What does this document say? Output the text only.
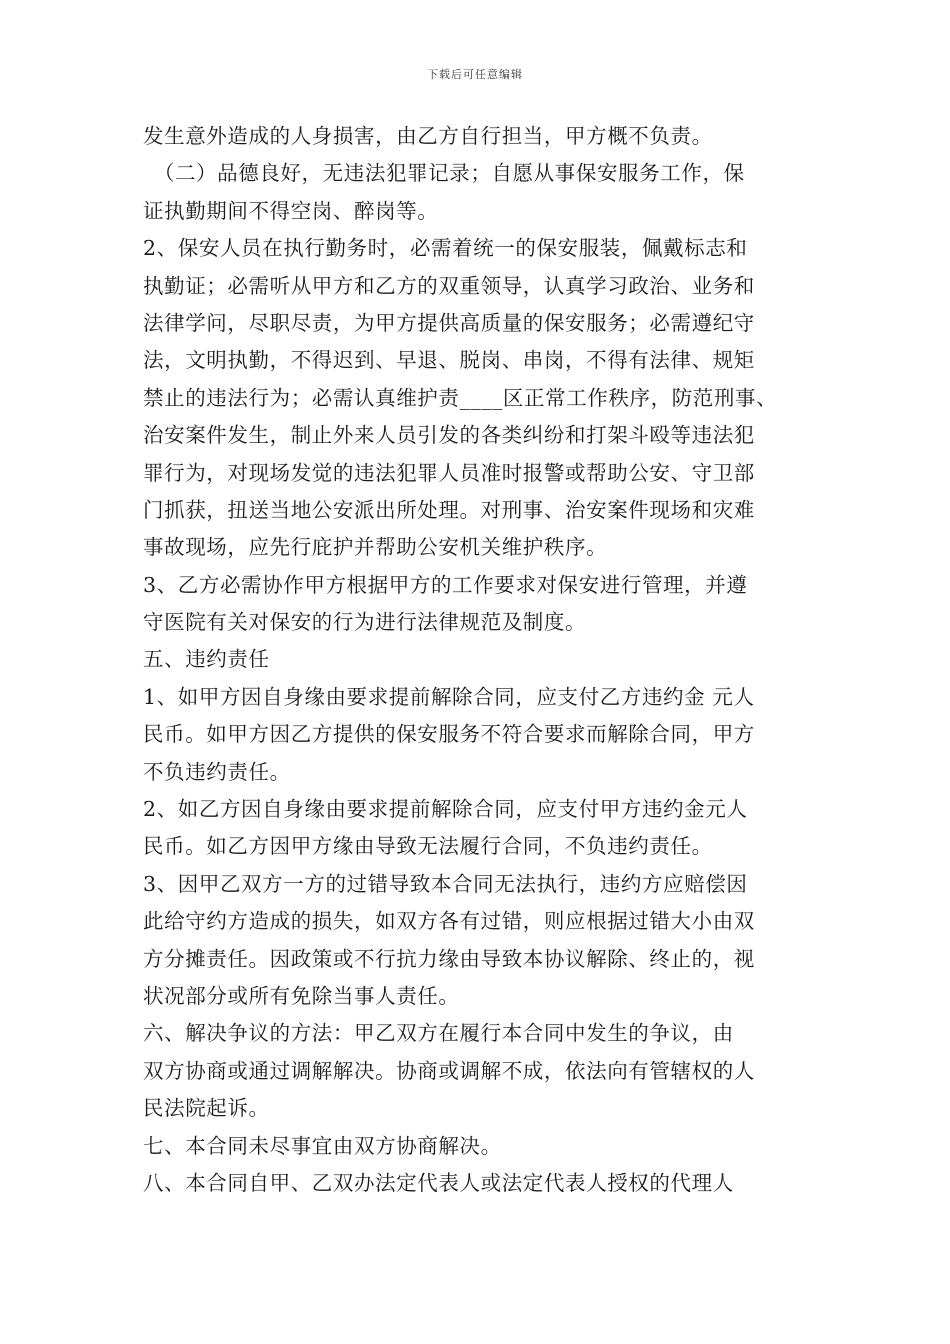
下载后可任意编辑
发生意外造成的人身损害，由乙方自行担当，甲方概不负责。
　（二）品德良好，无违法犯罪记录；自愿从事保安服务工作，保
证执勤期间不得空岗、醉岗等。
2、保安人员在执行勤务时，必需着统一的保安服装，佩戴标志和
执勤证；必需听从甲方和乙方的双重领导，认真学习政治、业务和
法律学问，尽职尽责，为甲方提供高质量的保安服务；必需遵纪守
法，文明执勤，不得迟到、早退、脱岗、串岗，不得有法律、规矩
禁止的违法行为；必需认真维护责____区正常工作秩序，防范刑事、
治安案件发生，制止外来人员引发的各类纠纷和打架斗殴等违法犯
罪行为，对现场发觉的违法犯罪人员准时报警或帮助公安、守卫部
门抓获，扭送当地公安派出所处理。对刑事、治安案件现场和灾难
事故现场，应先行庇护并帮助公安机关维护秩序。
3、乙方必需协作甲方根据甲方的工作要求对保安进行管理，并遵
守医院有关对保安的行为进行法律规范及制度。
五、违约责任
1、如甲方因自身缘由要求提前解除合同，应支付乙方违约金 元人
民币。如甲方因乙方提供的保安服务不符合要求而解除合同，甲方
不负违约责任。
2、如乙方因自身缘由要求提前解除合同，应支付甲方违约金元人
民币。如乙方因甲方缘由导致无法履行合同，不负违约责任。
3、因甲乙双方一方的过错导致本合同无法执行，违约方应赔偿因
此给守约方造成的损失，如双方各有过错，则应根据过错大小由双
方分摊责任。因政策或不行抗力缘由导致本协议解除、终止的，视
状况部分或所有免除当事人责任。
六、解决争议的方法：甲乙双方在履行本合同中发生的争议，由
双方协商或通过调解解决。协商或调解不成，依法向有管辖权的人
民法院起诉。
七、本合同未尽事宜由双方协商解决。
八、本合同自甲、乙双办法定代表人或法定代表人授权的代理人
